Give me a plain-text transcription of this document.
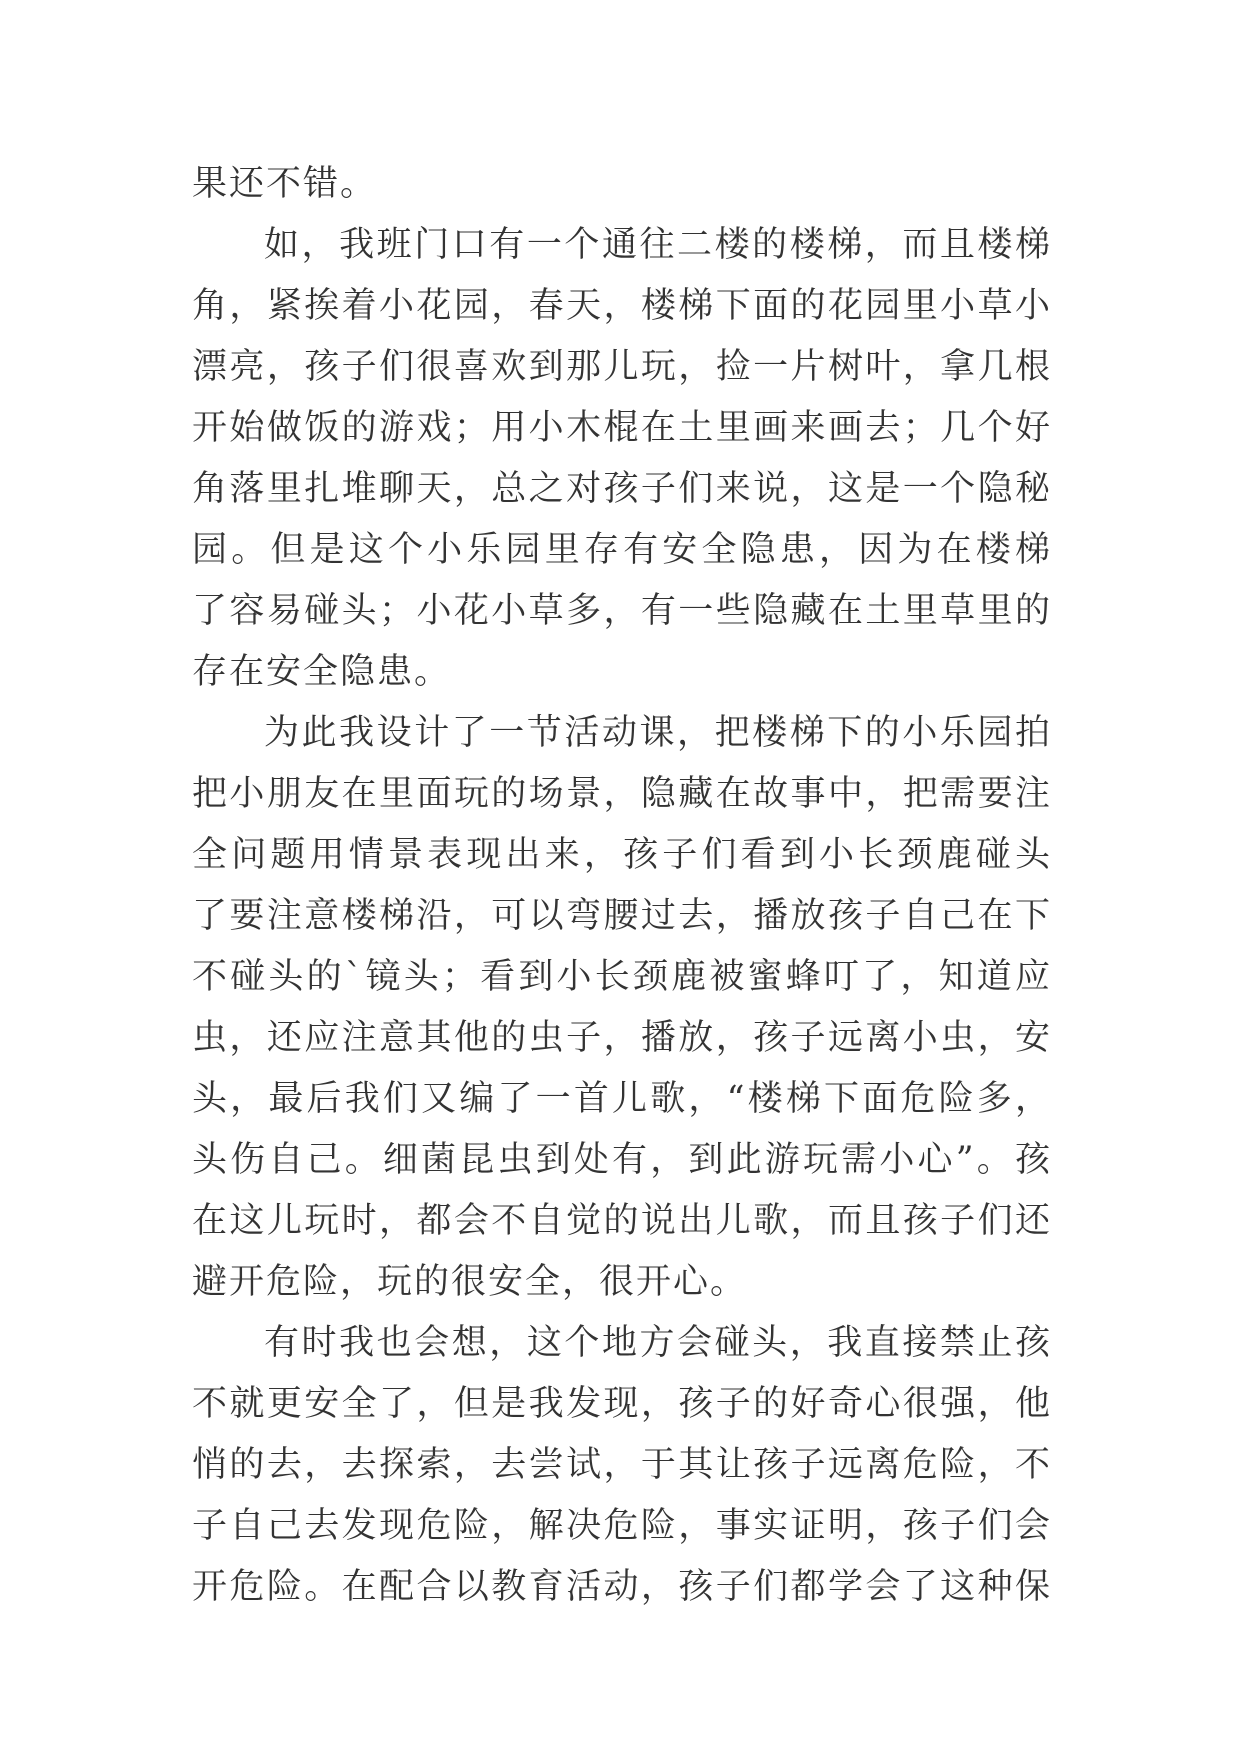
果还不错。
如，我班门口有一个通往二楼的楼梯，而且楼梯
角，紧挨着小花园，春天，楼梯下面的花园里小草小
漂亮，孩子们很喜欢到那儿玩，捡一片树叶，拿几根
开始做饭的游戏；用小木棍在土里画来画去；几个好
角落里扎堆聊天，总之对孩子们来说，这是一个隐秘
园。但是这个小乐园里存有安全隐患，因为在楼梯
了容易碰头；小花小草多，有一些隐藏在土里草里的
存在安全隐患。
为此我设计了一节活动课，把楼梯下的小乐园拍
把小朋友在里面玩的场景，隐藏在故事中，把需要注
全问题用情景表现出来，孩子们看到小长颈鹿碰头
了要注意楼梯沿，可以弯腰过去，播放孩子自己在下
不碰头的`镜头；看到小长颈鹿被蜜蜂叮了，知道应
虫，还应注意其他的虫子，播放，孩子远离小虫，安
头，最后我们又编了一首儿歌，“楼梯下面危险多，
头伤自己。细菌昆虫到处有，到此游玩需小心”。孩
在这儿玩时，都会不自觉的说出儿歌，而且孩子们还
避开危险，玩的很安全，很开心。
有时我也会想，这个地方会碰头，我直接禁止孩
不就更安全了，但是我发现，孩子的好奇心很强，他
悄的去，去探索，去尝试，于其让孩子远离危险，不
子自己去发现危险，解决危险，事实证明，孩子们会
开危险。在配合以教育活动，孩子们都学会了这种保
